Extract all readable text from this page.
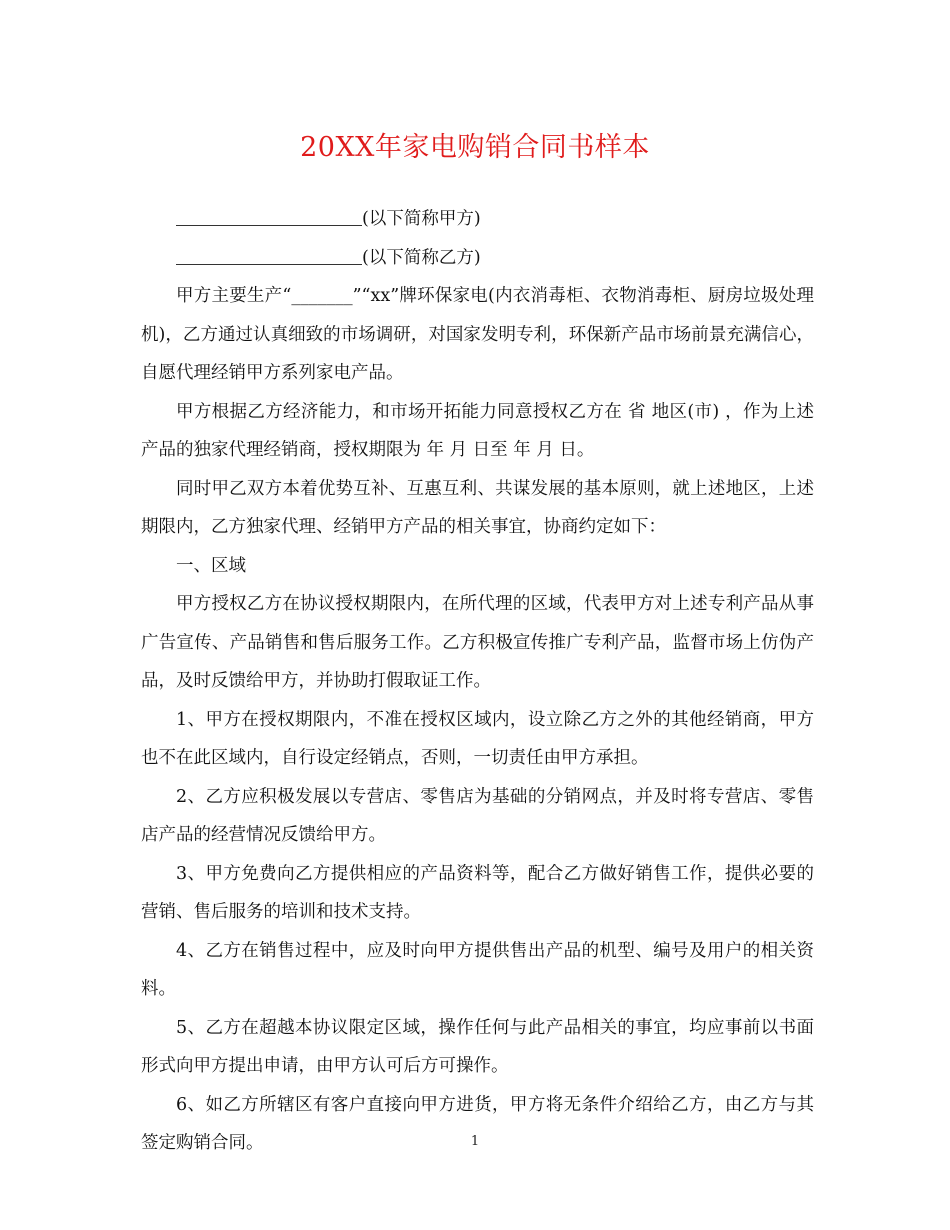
20XX年家电购销合同书样本

(以下简称甲方)

(以下简称乙方)

甲方主要生产“_______”“xx”牌环保家电(内衣消毒柜、衣物消毒柜、厨房垃圾处理机)，乙方通过认真细致的市场调研，对国家发明专利，环保新产品市场前景充满信心，自愿代理经销甲方系列家电产品。

甲方根据乙方经济能力，和市场开拓能力同意授权乙方在 省 地区(市) ，作为上述产品的独家代理经销商，授权期限为 年 月 日至 年 月 日。

同时甲乙双方本着优势互补、互惠互利、共谋发展的基本原则，就上述地区，上述期限内，乙方独家代理、经销甲方产品的相关事宜，协商约定如下：

一、区域

甲方授权乙方在协议授权期限内，在所代理的区域，代表甲方对上述专利产品从事广告宣传、产品销售和售后服务工作。乙方积极宣传推广专利产品，监督市场上仿伪产品，及时反馈给甲方，并协助打假取证工作。

1、甲方在授权期限内，不准在授权区域内，设立除乙方之外的其他经销商，甲方也不在此区域内，自行设定经销点，否则，一切责任由甲方承担。

2、乙方应积极发展以专营店、零售店为基础的分销网点，并及时将专营店、零售店产品的经营情况反馈给甲方。

3、甲方免费向乙方提供相应的产品资料等，配合乙方做好销售工作，提供必要的营销、售后服务的培训和技术支持。

4、乙方在销售过程中，应及时向甲方提供售出产品的机型、编号及用户的相关资料。

5、乙方在超越本协议限定区域，操作任何与此产品相关的事宜，均应事前以书面形式向甲方提出申请，由甲方认可后方可操作。

6、如乙方所辖区有客户直接向甲方进货，甲方将无条件介绍给乙方，由乙方与其签定购销合同。	1
